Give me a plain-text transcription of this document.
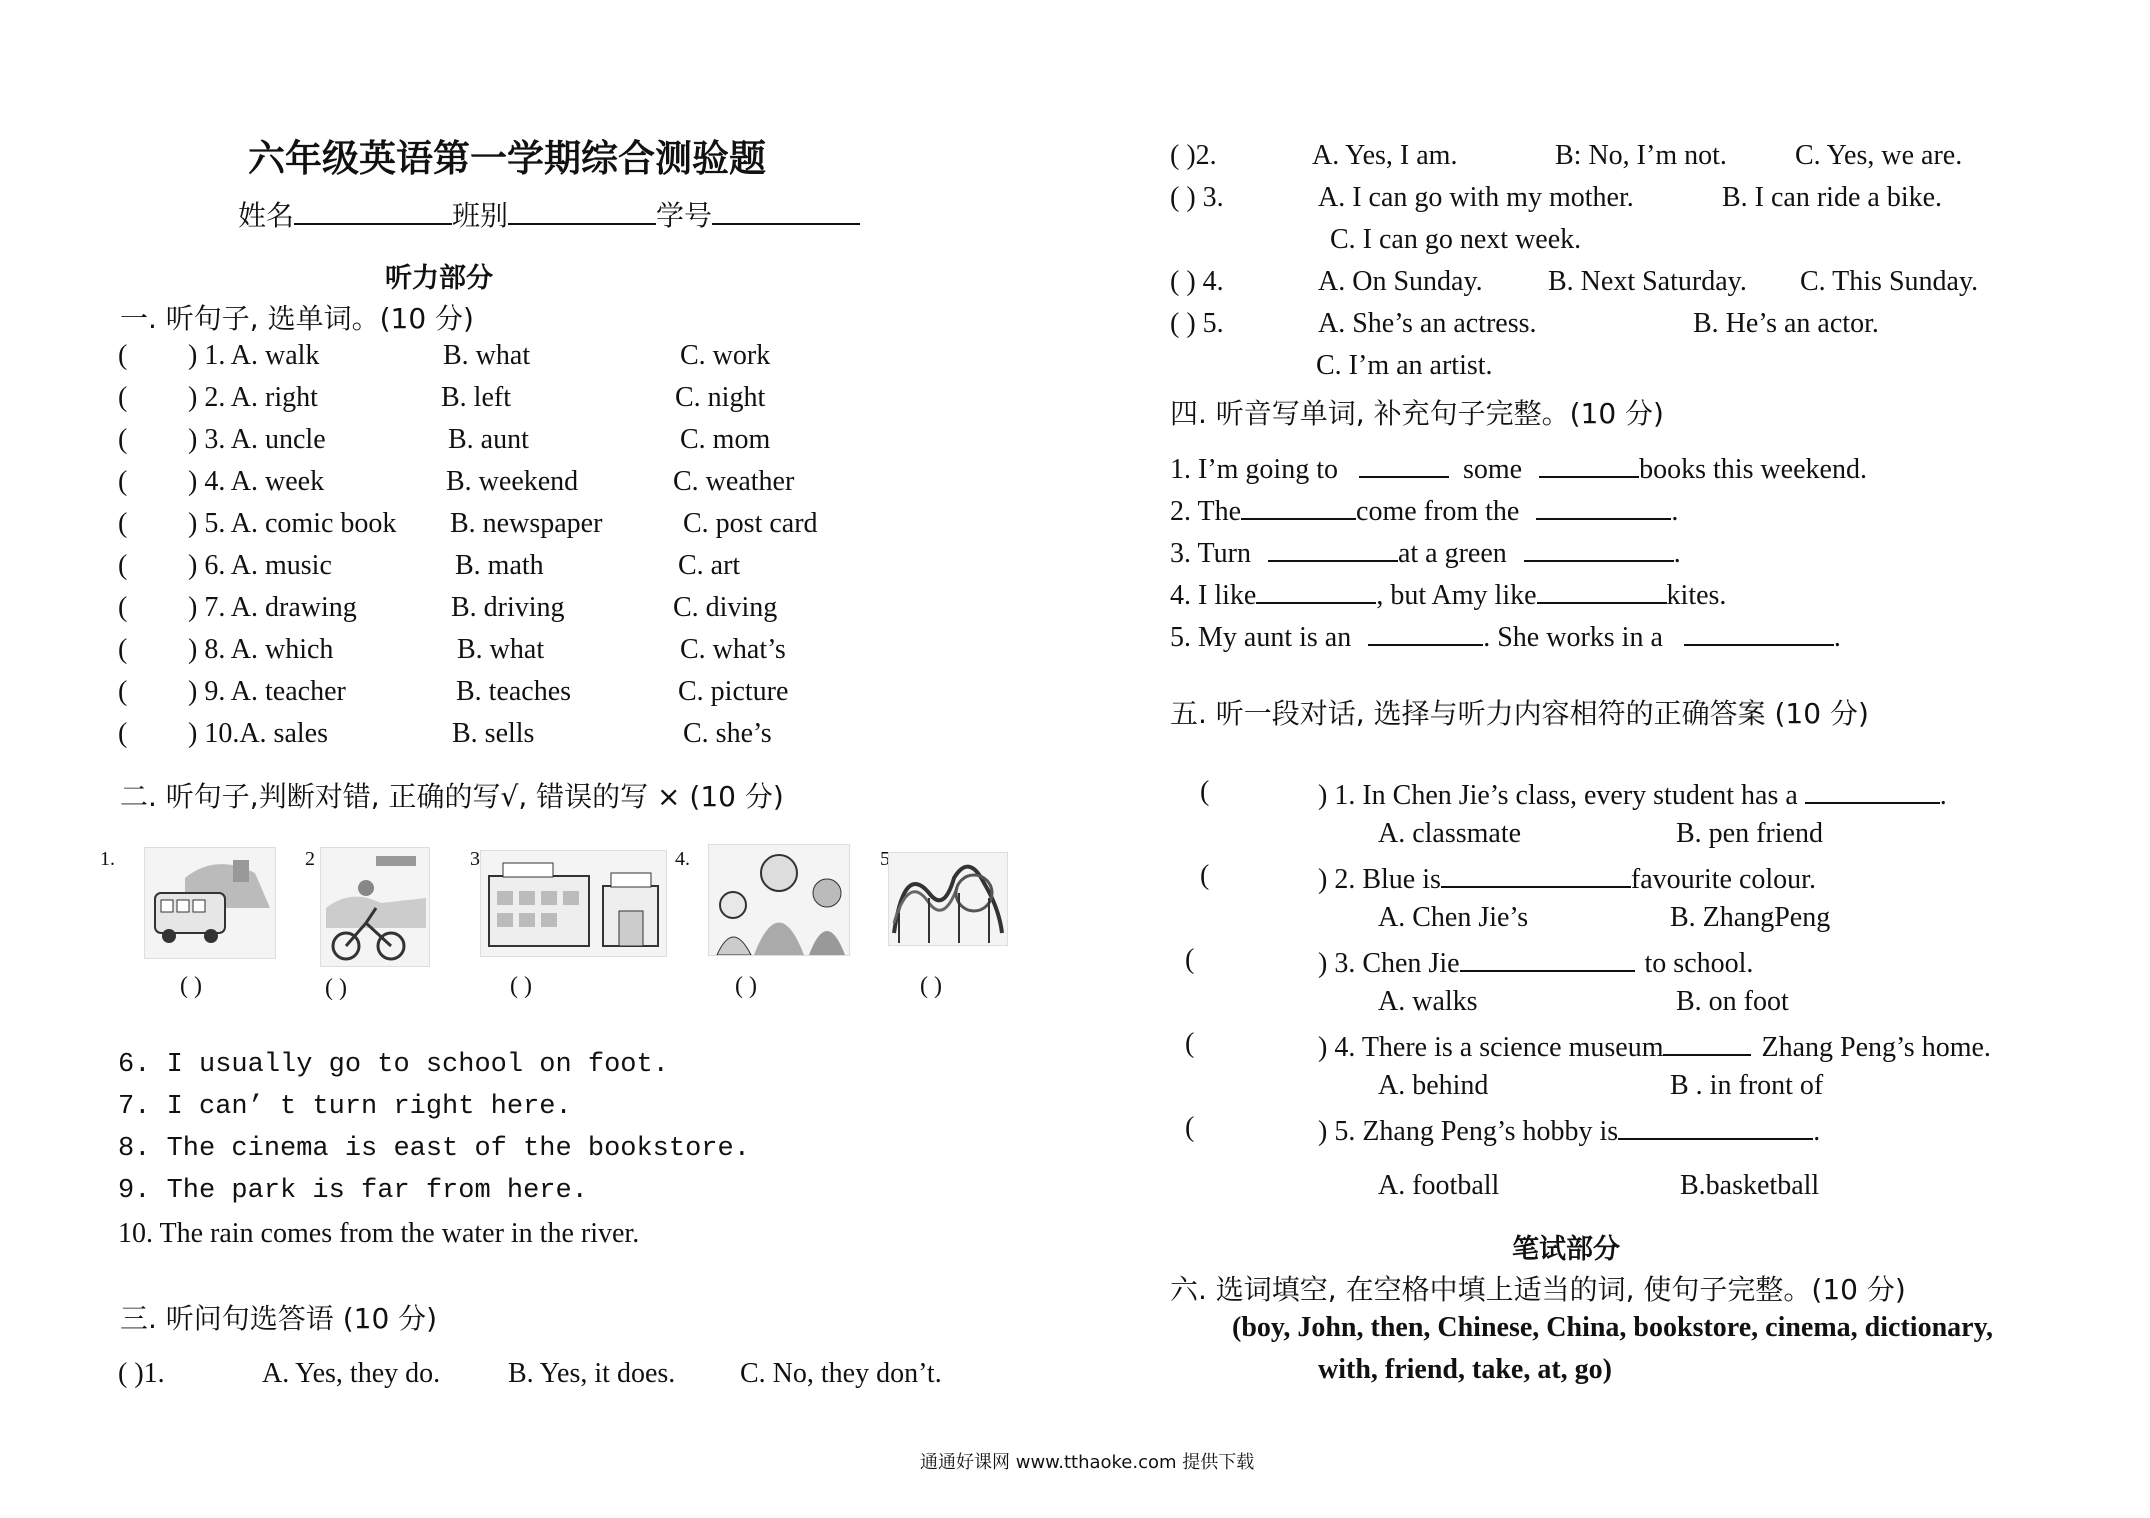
六年级英语第一学期综合测验题
姓名	班别	学号
听力部分
一. 听句子, 选单词。(10 分)
( ) 1. A. walk	B. what	C. work
( ) 2. A. right	B. left	C. night
( ) 3. A. uncle	B. aunt	C. mom
( ) 4. A. week	B. weekend	C. weather
( ) 5. A. comic book B. newspaper	C. post card
( ) 6. A. music	B. math	C. art
( ) 7. A. drawing	B. driving	C. diving
( ) 8. A. which	B. what	C. what’s
( ) 9. A. teacher	B. teaches	C. picture
( ) 10.A. sales	B. sells	C. she’s
二. 听句子,判断对错, 正确的写√, 错误的写 × (10 分)
1.	2	3.	4.	5.
( )	( )	( )	( )	( )
6. I usually go to school on foot.
7. I can’ t turn right here.
8. The cinema is east of the bookstore.
9. The park is far from here.
10. The rain comes from the water in the river.
三. 听问句选答语 (10 分)
( )1.	A. Yes, they do. B. Yes, it does. C. No, they don’t.
( )2.	A. Yes, I am.	B: No, I’m not. C. Yes, we are.
( ) 3.	A. I can go with my mother.	B. I can ride a bike.
C. I can go next week.
( ) 4.	A. On Sunday. B. Next Saturday. C. This Sunday.
( ) 5.	A. She’s an actress.	B. He’s an actor.
C. I’m an artist.
四. 听音写单词, 补充句子完整。(10 分)
1. I’m going to	some	books this weekend.
2. The	come from the	.
3. Turn	at a green	.
4. I like	, but Amy like	kites.
5. My aunt is an	. She works in a	.
五. 听一段对话, 选择与听力内容相符的正确答案 (10 分)
(	) 1. In Chen Jie’s class, every student has a	.
A. classmate	B. pen friend
(	) 2. Blue is	favourite colour.
A. Chen Jie’s	B. ZhangPeng
(	) 3. Chen Jie	to school.
A. walks	B. on foot
(	) 4. There is a science museum	Zhang Peng’s home.
A. behind	B . in front of
(	) 5. Zhang Peng’s hobby is	.
A. football	B.basketball
笔试部分
六. 选词填空, 在空格中填上适当的词, 使句子完整。(10 分)
(boy, John, then, Chinese, China, bookstore, cinema, dictionary,
with, friend, take, at, go)
通通好课网 www.tthaoke.com 提供下载
